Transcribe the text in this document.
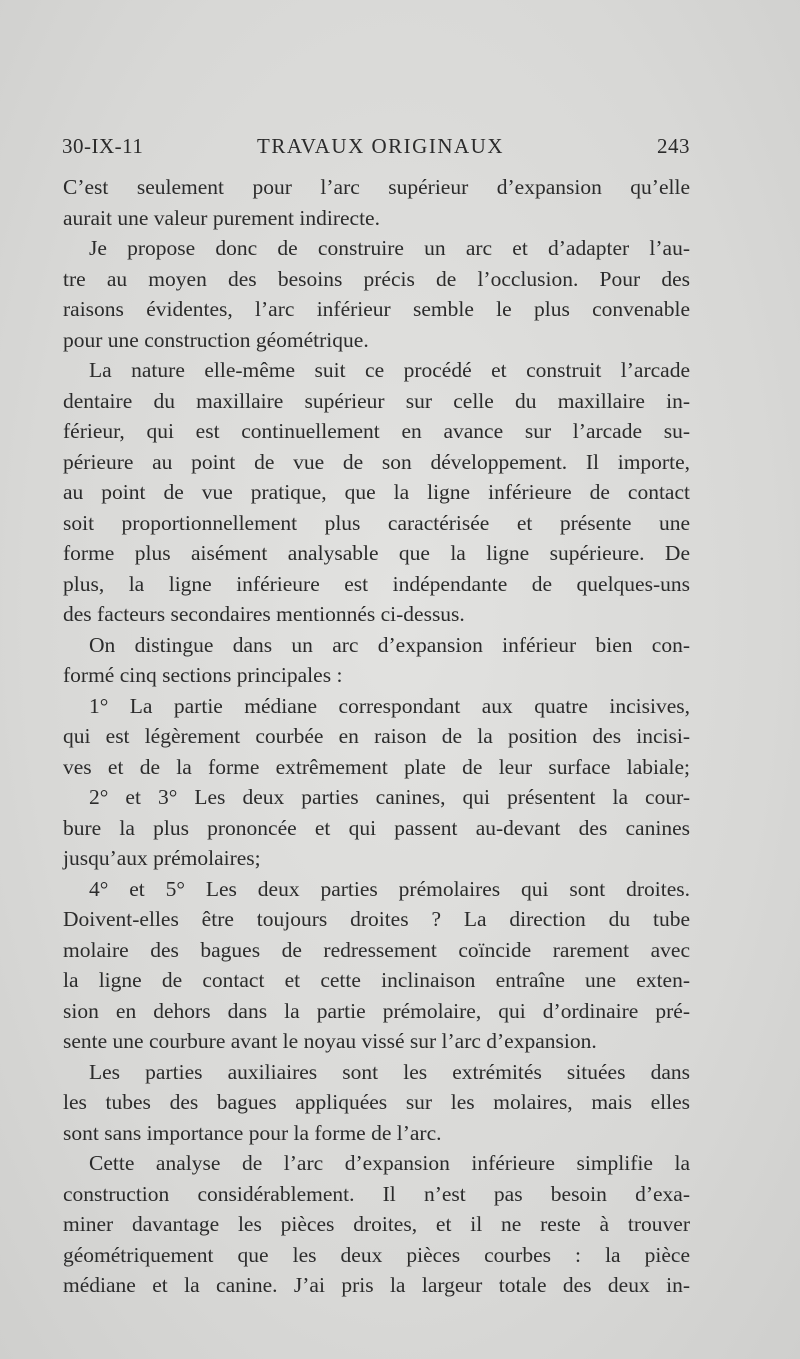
30-IX-11	TRAVAUX ORIGINAUX	243
C’est seulement pour l’arc supérieur d’expansion qu’elle
aurait une valeur purement indirecte.
Je propose donc de construire un arc et d’adapter l’au-
tre au moyen des besoins précis de l’occlusion. Pour des
raisons évidentes, l’arc inférieur semble le plus convenable
pour une construction géométrique.
La nature elle-même suit ce procédé et construit l’arcade
dentaire du maxillaire supérieur sur celle du maxillaire in-
férieur, qui est continuellement en avance sur l’arcade su-
périeure au point de vue de son développement. Il importe,
au point de vue pratique, que la ligne inférieure de contact
soit proportionnellement plus caractérisée et présente une
forme plus aisément analysable que la ligne supérieure. De
plus, la ligne inférieure est indépendante de quelques-uns
des facteurs secondaires mentionnés ci-dessus.
On distingue dans un arc d’expansion inférieur bien con-
formé cinq sections principales :
1° La partie médiane correspondant aux quatre incisives,
qui est légèrement courbée en raison de la position des incisi-
ves et de la forme extrêmement plate de leur surface labiale;
2° et 3° Les deux parties canines, qui présentent la cour-
bure la plus prononcée et qui passent au-devant des canines
jusqu’aux prémolaires;
4° et 5° Les deux parties prémolaires qui sont droites.
Doivent-elles être toujours droites ? La direction du tube
molaire des bagues de redressement coïncide rarement avec
la ligne de contact et cette inclinaison entraîne une exten-
sion en dehors dans la partie prémolaire, qui d’ordinaire pré-
sente une courbure avant le noyau vissé sur l’arc d’expansion.
Les parties auxiliaires sont les extrémités situées dans
les tubes des bagues appliquées sur les molaires, mais elles
sont sans importance pour la forme de l’arc.
Cette analyse de l’arc d’expansion inférieure simplifie la
construction considérablement. Il n’est pas besoin d’exa-
miner davantage les pièces droites, et il ne reste à trouver
géométriquement que les deux pièces courbes : la pièce
médiane et la canine. J’ai pris la largeur totale des deux in-
